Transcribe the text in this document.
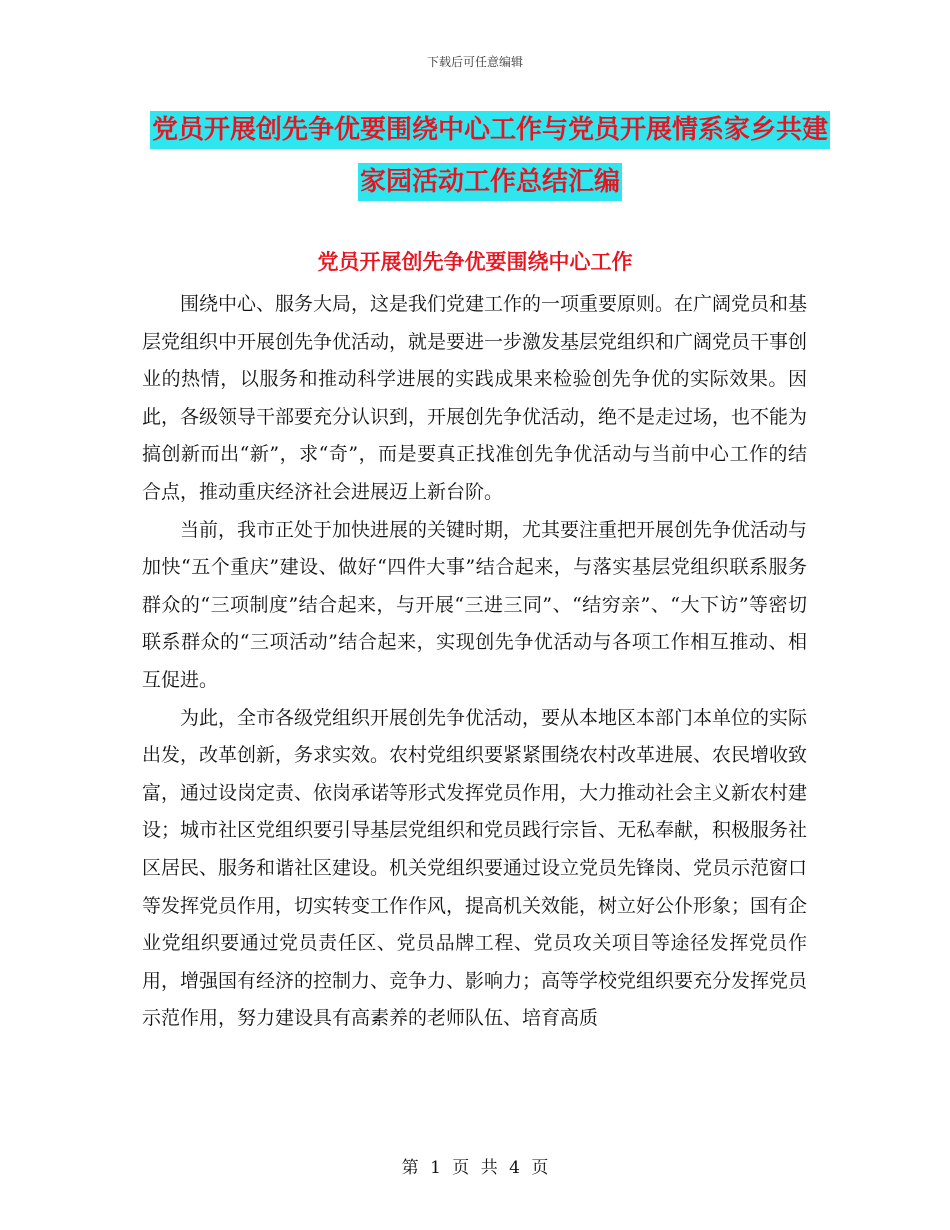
下载后可任意编辑
党员开展创先争优要围绕中心工作与党员开展情系家乡共建家园活动工作总结汇编
党员开展创先争优要围绕中心工作

围绕中心、服务大局，这是我们党建工作的一项重要原则。在广阔党员和基层党组织中开展创先争优活动，就是要进一步激发基层党组织和广阔党员干事创业的热情，以服务和推动科学进展的实践成果来检验创先争优的实际效果。因此，各级领导干部要充分认识到，开展创先争优活动，绝不是走过场，也不能为搞创新而出“新”，求“奇”，而是要真正找准创先争优活动与当前中心工作的结合点，推动重庆经济社会进展迈上新台阶。

当前，我市正处于加快进展的关键时期，尤其要注重把开展创先争优活动与加快“五个重庆”建设、做好“四件大事”结合起来，与落实基层党组织联系服务群众的“三项制度”结合起来，与开展“三进三同”、“结穷亲”、“大下访”等密切联系群众的“三项活动”结合起来，实现创先争优活动与各项工作相互推动、相互促进。

为此，全市各级党组织开展创先争优活动，要从本地区本部门本单位的实际出发，改革创新，务求实效。农村党组织要紧紧围绕农村改革进展、农民增收致富，通过设岗定责、依岗承诺等形式发挥党员作用，大力推动社会主义新农村建设；城市社区党组织要引导基层党组织和党员践行宗旨、无私奉献，积极服务社区居民、服务和谐社区建设。机关党组织要通过设立党员先锋岗、党员示范窗口等发挥党员作用，切实转变工作作风，提高机关效能，树立好公仆形象；国有企业党组织要通过党员责任区、党员品牌工程、党员攻关项目等途径发挥党员作用，增强国有经济的控制力、竞争力、影响力；高等学校党组织要充分发挥党员示范作用，努力建设具有高素养的老师队伍、培育高质

第 1 页 共 4 页
